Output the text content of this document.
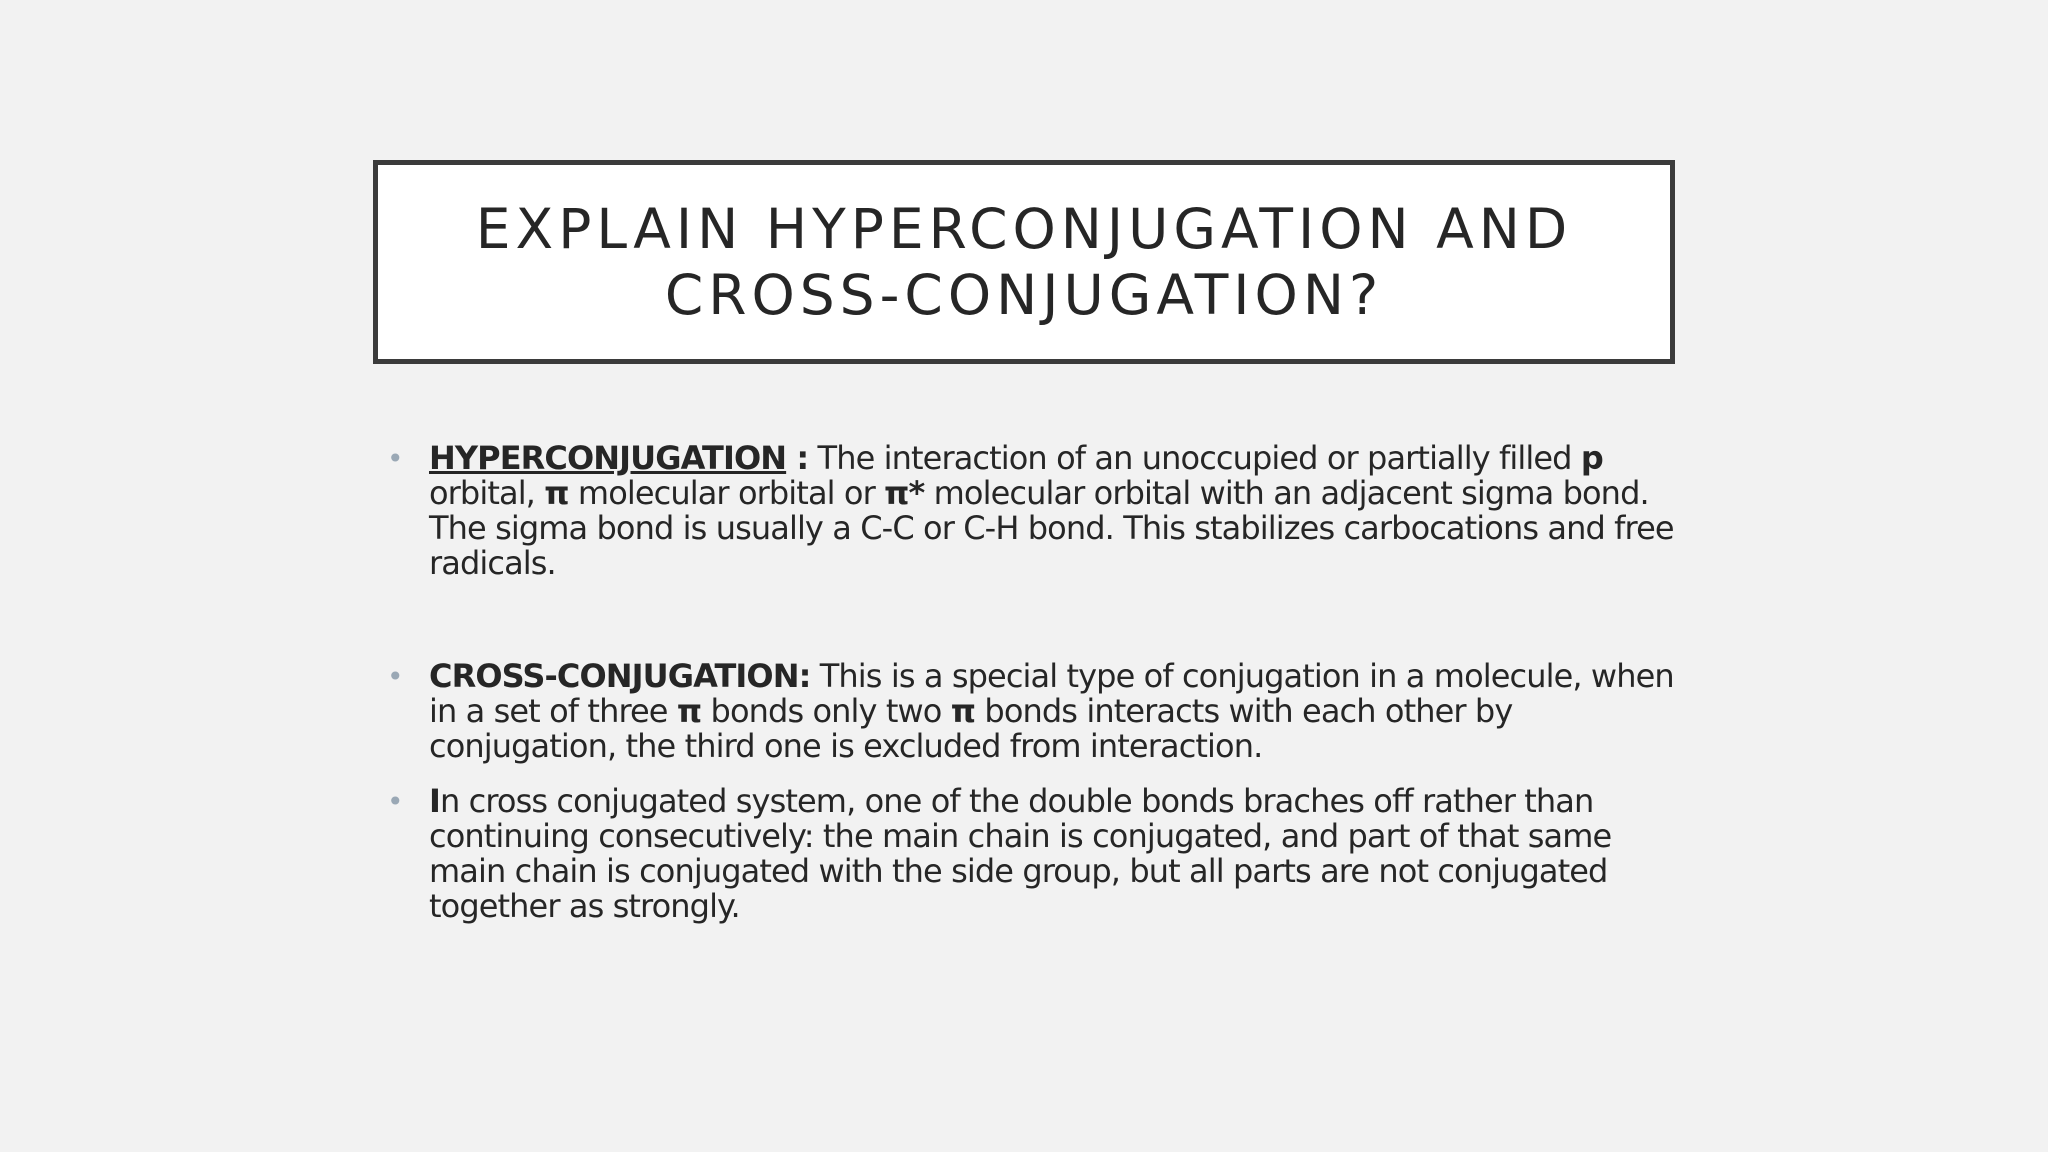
EXPLAIN HYPERCONJUGATION AND
CROSS-CONJUGATION?
• HYPERCONJUGATION : The interaction of an unoccupied or partially filled p orbital, π molecular orbital or π* molecular orbital with an adjacent sigma bond. The sigma bond is usually a C-C or C-H bond. This stabilizes carbocations and free radicals.
• CROSS-CONJUGATION: This is a special type of conjugation in a molecule, when in a set of three π bonds only two π bonds interacts with each other by conjugation, the third one is excluded from interaction.
• In cross conjugated system, one of the double bonds braches off rather than continuing consecutively: the main chain is conjugated, and part of that same main chain is conjugated with the side group, but all parts are not conjugated together as strongly.
